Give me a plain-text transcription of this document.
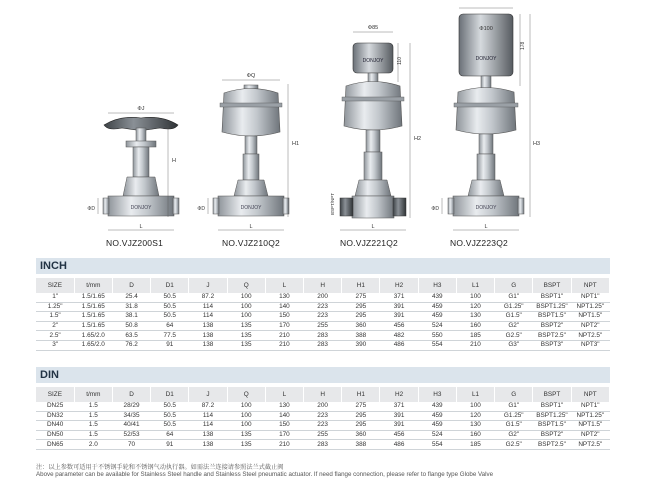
DONJOY
ΦJ
H
L
ΦD	DONJOY
ΦQ
H1
L
ΦD
DONJOY
Φ85
110
H2
L
BSPT/NPT
DONJOY
DONJOY
Φ100
178
H3
L
ΦD
NO.VJZ200S1	NO.VJZ210Q2	NO.VJZ221Q2	NO.VJZ223Q2
INCH
SIZE	t/mm	D	D1	J	Q	L	H	H1	H2	H3	L1	G	BSPT	NPT
1"	1.5/1.65	25.4	50.5	87.2	100	130	200	275	371	439	100	G1"	BSPT1"	NPT1"
1.25"	1.5/1.65	31.8	50.5	114	100	140	223	295	391	459	120	G1.25"	BSPT1.25"	NPT1.25"
1.5"	1.5/1.65	38.1	50.5	114	100	150	223	295	391	459	130	G1.5"	BSPT1.5"	NPT1.5"
2"	1.5/1.65	50.8	64	138	135	170	255	360	456	524	160	G2"	BSPT2"	NPT2"
2.5"	1.65/2.0	63.5	77.5	138	135	210	283	388	482	550	185	G2.5"	BSPT2.5"	NPT2.5"
3"	1.65/2.0	76.2	91	138	135	210	283	390	486	554	210	G3"	BSPT3"	NPT3"
DIN
SIZE	t/mm	D	D1	J	Q	L	H	H1	H2	H3	L1	G	BSPT	NPT
DN25	1.5	28/29	50.5	87.2	100	130	200	275	371	439	100	G1"	BSPT1"	NPT1"
DN32	1.5	34/35	50.5	114	100	140	223	295	391	459	120	G1.25"	BSPT1.25"	NPT1.25"
DN40	1.5	40/41	50.5	114	100	150	223	295	391	459	130	G1.5"	BSPT1.5"	NPT1.5"
DN50	1.5	52/53	64	138	135	170	255	360	456	524	160	G2"	BSPT2"	NPT2"
DN65	2.0	70	91	138	135	210	283	388	486	554	185	G2.5"	BSPT2.5"	NPT2.5"
注：以上参数可适用于不锈钢手轮和不锈钢气动执行器。如需法兰连接请参照法兰式截止阀
Above parameter can be available for Stainless Steel handle and Stainless Steel pneumatic actuator. If need flange connection, please refer to flange type Globe Valve
